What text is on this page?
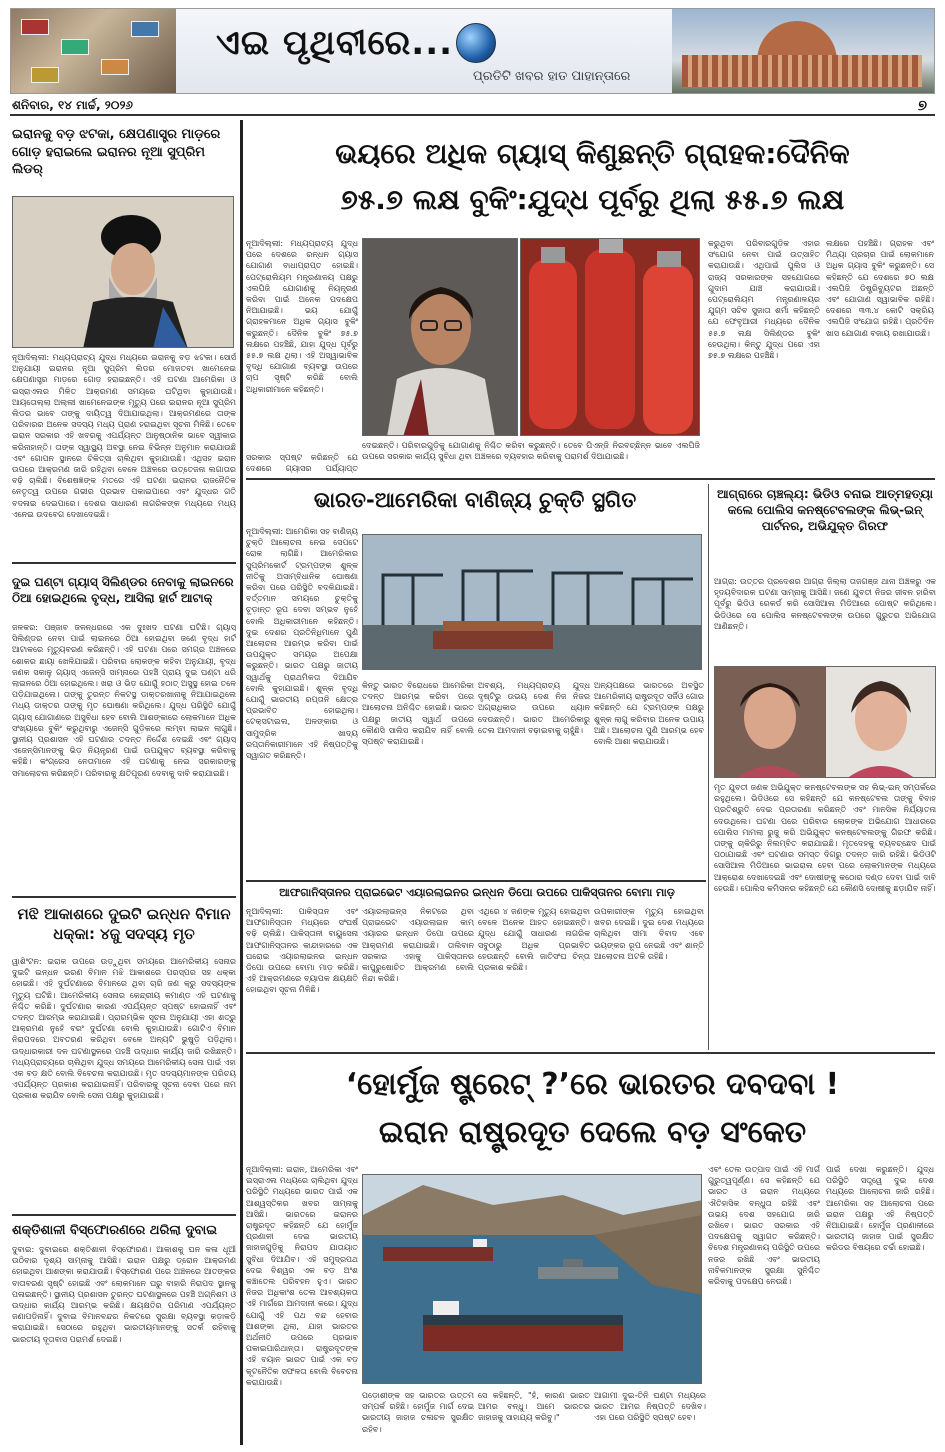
ଏଇ ପୃଥିବୀରେ...
ପ୍ରତିଟି ଖବର ହାତ ପାହାନ୍ତାରେ
ଶନିବାର, ୧୪ ମାର୍ଚ୍ଚ, ୨୦୨୬	୭
ଇରାନକୁ ବଡ଼ ଝଟକା, କ୍ଷେପଣାସ୍ତ୍ର ମାଡ଼ରେ ଗୋଡ଼ ହରାଇଲେ ଇରାନର ନୂଆ ସୁପ୍ରିମ ଲିଡର୍
ନୂଆଦିଲ୍ଲୀ: ମଧ୍ୟପ୍ରାଚ୍ୟ ଯୁଦ୍ଧ ମଧ୍ୟରେ ଇରାନକୁ ବଡ଼ ଝଟକା। ସୋର୍ସ ଅନୁଯାୟୀ ଇରାନର ନୂଆ ସୁପ୍ରିମ ଲିଡର ମୋଜତବା ଖାମେନେଇ କ୍ଷେପଣାସ୍ତ୍ର ମାଡ଼ରେ ଗୋଡ଼ ହରାଇଛନ୍ତି। ଏହି ଘଟଣା ଆମେରିକା ଓ ଇସ୍ରାଏଲର ମିଳିତ ଆକ୍ରମଣ ସମୟରେ ଘଟିଥିବା କୁହାଯାଉଛି। ଆୟତୋଲ୍ଲା ଅଲ୍ଲୀ ଖାମେନେଇଙ୍କ ମୃତ୍ୟୁ ପରେ ଇରାନର ନୂଆ ସୁପ୍ରିମ ଲିଡର ଭାବେ ତାଙ୍କୁ ଦାୟିତ୍ୱ ଦିଆଯାଇଥିଲା। ଆକ୍ରମଣରେ ତାଙ୍କ ପରିବାରର ଅନେକ ସଦସ୍ୟ ମଧ୍ୟ ପ୍ରାଣ ହରାଇଥିବା ସୂଚନା ମିଳିଛି। ତେବେ ଇରାନ ସରକାର ଏହି ଖବରକୁ ଏପର୍ଯ୍ୟନ୍ତ ଆନୁଷ୍ଠାନିକ ଭାବେ ସ୍ୱୀକାର କରିନାହାନ୍ତି। ତାଙ୍କ ସ୍ୱାସ୍ଥ୍ୟ ଅବସ୍ଥା ନେଇ ବିଭିନ୍ନ ଅନୁମାନ କରାଯାଉଛି ଏବଂ ଗୋପନ ସ୍ଥାନରେ ଚିକିତ୍ସା ଚାଲିଥିବା କୁହାଯାଉଛି। ଏଥିସହ ଇରାନ ଉପରେ ଆକ୍ରମଣ ଜାରି ରହିଥିବା ବେଳେ ଅଞ୍ଚଳରେ ଉତ୍ତେଜନା ଲଗାତାର ବଢ଼ି ଚାଲିଛି। ବିଶେଷଜ୍ଞଙ୍କ ମତରେ ଏହି ଘଟଣା ଇରାନର ରାଜନୈତିକ ନେତୃତ୍ୱ ଉପରେ ଗଭୀର ପ୍ରଭାବ ପକାଇପାରେ ଏବଂ ଯୁଦ୍ଧର ଗତି ବଦଳାଇ ଦେଇପାରେ। ଦେଶର ସାଧାରଣ ନାଗରିକଙ୍କ ମଧ୍ୟରେ ମଧ୍ୟ ଏନେଇ ଉଦବେଗ ଦେଖାଦେଇଛି।
ଦୁଇ ଘଣ୍ଟା ଗ୍ୟାସ୍ ସିଲିଣ୍ଡର ନେବାକୁ ଲାଇନରେ ଠିଆ ହୋଇଥିଲେ ବୃଦ୍ଧ, ଆସିଲା ହାର୍ଟ ଆଟାକ୍
ଜଳକର: ପଞ୍ଜାବ ଜଳନ୍ଧରରେ ଏକ ଦୁଃଖଦ ଘଟଣା ଘଟିଛି। ଗ୍ୟାସ୍ ସିଲିଣ୍ଡର ନେବା ପାଇଁ ଲାଇନରେ ଠିଆ ହୋଇଥିବା ଜଣେ ବୃଦ୍ଧ ହାର୍ଟ ଆଟାକରେ ମୃତ୍ୟୁବରଣ କରିଛନ୍ତି। ଏହି ଘଟଣା ପରେ ସମଗ୍ର ଅଞ୍ଚଳରେ ଶୋକର ଛାୟା ଖେଳିଯାଇଛି। ପରିବାର ଲୋକଙ୍କ କହିବା ଅନୁଯାୟୀ, ବୃଦ୍ଧ ଜଣକ ସକାଳୁ ଗ୍ୟାସ୍ ଏଜେନ୍ସି ସାମ୍ନାରେ ପହଞ୍ଚି ପ୍ରାୟ ଦୁଇ ଘଣ୍ଟା ଧରି ଲାଇନରେ ଠିଆ ହୋଇଥିଲେ। ଖରା ଓ ଭିଡ଼ ଯୋଗୁଁ ହଠାତ୍ ଅସୁସ୍ଥ ହୋଇ ତଳେ ପଡ଼ିଯାଇଥିଲେ। ତାଙ୍କୁ ତୁରନ୍ତ ନିକଟସ୍ଥ ଡାକ୍ତରଖାନାକୁ ନିଆଯାଇଥିଲେ ମଧ୍ୟ ଡାକ୍ତର ତାଙ୍କୁ ମୃତ ଘୋଷଣା କରିଥିଲେ। ଯୁଦ୍ଧ ପରିସ୍ଥିତି ଯୋଗୁଁ ଗ୍ୟାସ୍ ଯୋଗାଣରେ ଅସୁବିଧା ହେବ ବୋଲି ଆଶଙ୍କାରେ ଲୋକମାନେ ଅଧିକ ସଂଖ୍ୟାରେ ବୁକିଂ କରୁଥିବାରୁ ଏଜେନ୍ସି ଗୁଡ଼ିକରେ ଲମ୍ବା ଲାଇନ ଲାଗୁଛି। ସ୍ଥାନୀୟ ପ୍ରଶାସନ ଏହି ଘଟଣାର ତଦନ୍ତ ନିର୍ଦ୍ଦେଶ ଦେଇଛି ଏବଂ ଗ୍ୟାସ୍ ଏଜେନ୍ସିମାନଙ୍କୁ ଭିଡ଼ ନିୟନ୍ତ୍ରଣ ପାଇଁ ଉପଯୁକ୍ତ ବ୍ୟବସ୍ଥା କରିବାକୁ କହିଛି। କଂଗ୍ରେସ ନେତାମାନେ ଏହି ଘଟଣାକୁ ନେଇ ସରକାରଙ୍କୁ ସମାଲୋଚନା କରିଛନ୍ତି। ପରିବାରକୁ କ୍ଷତିପୂରଣ ଦେବାକୁ ଦାବି କରାଯାଇଛି।
ମଝି ଆକାଶରେ ଦୁଇଟି ଇନ୍ଧନ ବିମାନ ଧକ୍କା: ୪ଜୁ ସଦସ୍ୟ ମୃତ
ୱାଶିଂଟନ: ଇରାକ ଉପରେ ଉଡ଼ୁଥିବା ସମୟରେ ଆମେରିକୀୟ ସେନାର ଦୁଇଟି ଇନ୍ଧନ ଭରଣ ବିମାନ ମଝି ଆକାଶରେ ପରସ୍ପର ସହ ଧକ୍କା ହୋଇଛି। ଏହି ଦୁର୍ଘଟଣାରେ ବିମାନରେ ଥିବା ଚାରି ଜଣ କ୍ରୁ ସଦସ୍ୟଙ୍କ ମୃତ୍ୟୁ ଘଟିଛି। ଆମେରିକୀୟ ସେନାର କେନ୍ଦ୍ରୀୟ କମାଣ୍ଡ ଏହି ଘଟଣାକୁ ନିଶ୍ଚିତ କରିଛି। ଦୁର୍ଘଟଣାର କାରଣ ଏପର୍ଯ୍ୟନ୍ତ ସ୍ପଷ୍ଟ ହୋଇନାହିଁ ଏବଂ ତଦନ୍ତ ଆରମ୍ଭ କରାଯାଇଛି। ପ୍ରାରମ୍ଭିକ ସୂଚନା ଅନୁଯାୟୀ ଏହା ଶତ୍ରୁ ଆକ୍ରମଣ ନୁହେଁ ବରଂ ଦୁର୍ଘଟଣା ବୋଲି କୁହାଯାଉଛି। ଗୋଟିଏ ବିମାନ ନିରାପଦରେ ଅବତରଣ କରିଥିବା ବେଳେ ଅନ୍ୟଟି ଭୁଷୁଡ଼ି ପଡ଼ିଥିଲା। ଉଦ୍ଧାରକାରୀ ଦଳ ଘଟଣାସ୍ଥଳରେ ପହଞ୍ଚି ଉଦ୍ଧାର କାର୍ଯ୍ୟ ଜାରି ରଖିଛନ୍ତି। ମଧ୍ୟପ୍ରାଚ୍ୟରେ ଚାଲିଥିବା ଯୁଦ୍ଧ ସମୟରେ ଆମେରିକୀୟ ସେନା ପାଇଁ ଏହା ଏକ ବଡ଼ କ୍ଷତି ବୋଲି ବିବେଚନା କରାଯାଉଛି। ମୃତ ସଦସ୍ୟମାନଙ୍କ ପରିଚୟ ଏପର୍ଯ୍ୟନ୍ତ ପ୍ରକାଶ କରାଯାଇନାହିଁ। ପରିବାରକୁ ସୂଚନା ଦେବା ପରେ ନାମ ପ୍ରକାଶ କରାଯିବ ବୋଲି ସେନା ପକ୍ଷରୁ କୁହାଯାଇଛି।
ଶକ୍ତିଶାଳୀ ବିସ୍ଫୋରଣରେ ଥରିଲା ଦୁବାଇ
ଦୁବାଇ: ଦୁବାଇରେ ଶକ୍ତିଶାଳୀ ବିସ୍ଫୋରଣ। ଆକାଶକୁ ଘନ କଳା ଧୂଆଁ ଉଠିବାର ଦୃଶ୍ୟ ସାମ୍ନାକୁ ଆସିଛି। ଇରାନ ପକ୍ଷରୁ ଡ୍ରୋନ ଆକ୍ରମଣ ହୋଇଥିବା ଆଶଙ୍କା କରାଯାଉଛି। ବିସ୍ଫୋରଣ ପରେ ଅଞ୍ଚଳରେ ଆତଙ୍କର ବାତାବରଣ ସୃଷ୍ଟି ହୋଇଛି ଏବଂ ଲୋକମାନେ ଘରୁ ବାହାରି ନିରାପଦ ସ୍ଥାନକୁ ପଳାଇଛନ୍ତି। ସ୍ଥାନୀୟ ପ୍ରଶାସନ ତୁରନ୍ତ ଘଟଣାସ୍ଥଳରେ ପହଞ୍ଚି ଅଗ୍ନିଶମ ଓ ଉଦ୍ଧାର କାର୍ଯ୍ୟ ଆରମ୍ଭ କରିଛି। କ୍ଷୟକ୍ଷତିର ପରିମାଣ ଏପର୍ଯ୍ୟନ୍ତ ଜଣାପଡ଼ିନାହିଁ। ଦୁବାଇ ବିମାନବନ୍ଦର ନିକଟରେ ସୁରକ୍ଷା ବ୍ୟବସ୍ଥା କଡ଼ାକଡ଼ି କରାଯାଇଛି। ସେଠାରେ ରହୁଥିବା ଭାରତୀୟମାନଙ୍କୁ ସତର୍କ ରହିବାକୁ ଭାରତୀୟ ଦୂତାବାସ ପରାମର୍ଶ ଦେଇଛି।
ଭୟରେ ଅଧିକ ଗ୍ୟାସ୍ କିଣୁଛନ୍ତି ଗ୍ରାହକ:ଦୈନିକ
୭୫.୭ ଲକ୍ଷ ବୁକିଂ:ଯୁଦ୍ଧ ପୂର୍ବରୁ ଥିଲା ୫୫.୭ ଲକ୍ଷ
ନୂଆଦିଲ୍ଲୀ: ମଧ୍ୟପ୍ରାଚ୍ୟ ଯୁଦ୍ଧ ପରେ ଦେଶରେ ରନ୍ଧନ ଗ୍ୟାସ ଯୋଗାଣ ବାଧାପ୍ରାପ୍ତ ହୋଇଛି। ପେଟ୍ରୋଲିୟମ ମନ୍ତ୍ରଣାଳୟ ପକ୍ଷରୁ ଏଲପିଜି ଯୋଗାଣକୁ ନିୟନ୍ତ୍ରଣ କରିବା ପାଇଁ ଅନେକ ପଦକ୍ଷେପ ନିଆଯାଇଛି। ଭୟ ଯୋଗୁଁ ଗ୍ରାହକମାନେ ଅଧିକ ଗ୍ୟାସ ବୁକିଂ କରୁଛନ୍ତି। ଦୈନିକ ବୁକିଂ ୭୫.୭ ଲକ୍ଷରେ ପହଞ୍ଚିଛି, ଯାହା ଯୁଦ୍ଧ ପୂର୍ବରୁ ୫୫.୭ ଲକ୍ଷ ଥିଲା। ଏହି ଅସ୍ୱାଭାବିକ ବୃଦ୍ଧି ଯୋଗାଣ ବ୍ୟବସ୍ଥା ଉପରେ ଚାପ ସୃଷ୍ଟି କରିଛି ବୋଲି ଅଧିକାରୀମାନେ କହିଛନ୍ତି।
ଦେଇଛନ୍ତି। ପରିବାରଗୁଡ଼ିକୁ ଯୋଗାଣକୁ ନିଶ୍ଚିତ କରିବା କରୁଛନ୍ତି। ତେବେ ପିଏନ୍‌ଜି ନିରବଚ୍ଛିନ୍ନ ଭାବେ ଏଲପିଜି ଉପରେ ସରକାର କାର୍ଯ୍ୟ ସୁବିଧା ଥିବା ଅଞ୍ଚଳରେ ବ୍ୟବହାର କରିବାକୁ ପରାମର୍ଶ ଦିଆଯାଇଛି।
କରୁଥିବା ପରିବାରଗୁଡ଼ିକ ଏହାର ସଂଯୋଗ ନେବା ପାଇଁ ଉତ୍ସାହିତ କରାଯାଉଛି। ଏଥିପାଇଁ ପୁଲିସ ଓ ରାଜ୍ୟ ସରକାରଙ୍କ ସହଯୋଗରେ ଗୁଦାମ ଯାଞ୍ଚ କରାଯାଉଛି। ପେଟ୍ରୋଲିୟମ ମନ୍ତ୍ରଣାଳୟର ଯୁଗ୍ମ ସଚିବ ସୁଜାତା ଶର୍ମା କହିଛନ୍ତି ଯେ ଫେବୃଆରୀ ମଧ୍ୟରେ ଦୈନିକ ୫୫.୭ ଲକ୍ଷ ସିଲିଣ୍ଡର ବୁକିଂ ହେଉଥିଲା। କିନ୍ତୁ ଯୁଦ୍ଧ ପରେ ଏହା ୭୫.୭ ଲକ୍ଷରେ ପହଞ୍ଚିଛି।
ଲକ୍ଷରେ ପହଞ୍ଚିଛି। ଗ୍ରାହକ ଏବଂ ମିଥ୍ୟା ପ୍ରଚାର ପାଇଁ ଲୋକମାନେ ଅଧିକ ଗ୍ୟାସ ବୁକିଂ କରୁଛନ୍ତି। ସେ କହିଛନ୍ତି ଯେ ଦେଶରେ ୭୦ ଲକ୍ଷ ଏଲପିଜି ଡିଷ୍ଟ୍ରିବ୍ୟୁଟର ଅଛନ୍ତି ଏବଂ ଯୋଗାଣ ସ୍ୱାଭାବିକ ରହିଛି। ଦେଶରେ ୩୩.୪ କୋଟି ସକ୍ରିୟ ଏଲପିଜି ସଂଯୋଗ ରହିଛି। ପ୍ରତିଦିନ ଖାସ ଯୋଗାଣ ବଜାୟ ରଖାଯାଉଛି।
ସରକାର ସ୍ପଷ୍ଟ କରିଛନ୍ତି ଯେ ଦେଶରେ ଗ୍ୟାସର ପର୍ଯ୍ୟାପ୍ତ
ଭାରତ-ଆମେରିକା ବାଣିଜ୍ୟ ଚୁକ୍ତି ସ୍ଥଗିତ
ନୂଆଦିଲ୍ଲୀ: ଆମେରିକା ସହ ବାଣିଜ୍ୟ ଚୁକ୍ତି ଆଲୋଚନା ନେଇ ସେପଟେ ରୋକ ଲାଗିଛି। ଆମେରିକାର ସୁପ୍ରିମକୋର୍ଟ ଟ୍ରମ୍ପଙ୍କ ଶୁଳ୍କ ନୀତିକୁ ଅସାମ୍ବିଧାନିକ ଘୋଷଣା କରିବା ପରେ ପରିସ୍ଥିତି ବଦଳିଯାଇଛି। ବର୍ତ୍ତମାନ ସମୟରେ ଚୁକ୍ତିକୁ ଚୂଡ଼ାନ୍ତ ରୂପ ଦେବା ସମ୍ଭବ ନୁହେଁ ବୋଲି ଅଧିକାରୀମାନେ କହିଛନ୍ତି। ଦୁଇ ଦେଶର ପ୍ରତିନିଧିମାନେ ପୁଣି ଆଲୋଚନା ଆରମ୍ଭ କରିବା ପାଇଁ ଉପଯୁକ୍ତ ସମୟର ଅପେକ୍ଷା କରୁଛନ୍ତି। ଭାରତ ପକ୍ଷରୁ ଜାତୀୟ ସ୍ୱାର୍ଥକୁ ପ୍ରାଥମିକତା ଦିଆଯିବ ବୋଲି କୁହାଯାଇଛି। ଶୁଳ୍କ ବୃଦ୍ଧି ଯୋଗୁଁ ଭାରତୀୟ ରପ୍ତାନି କ୍ଷେତ୍ର ପ୍ରଭାବିତ ହୋଇଥିଲା। ଟେକ୍ସଟାଇଲ, ଅଳଙ୍କାର ଓ ସାମୁଦ୍ରିକ ଖାଦ୍ୟ ରପ୍ତାନିକାରୀମାନେ ଏହି ନିଷ୍ପତ୍ତିକୁ ସ୍ୱାଗତ କରିଛନ୍ତି।
କିନ୍ତୁ ଭାରତ ବିରୋଧରେ ଆମେରିକା ତଦନ୍ତ ଆରମ୍ଭ କରିବା ପରେ ଆଲୋଚନା ଅନିଶ୍ଚିତ ହୋଇଛି। ଭାରତ ପକ୍ଷରୁ ଜାତୀୟ ସ୍ୱାର୍ଥ ଉପରେ କୌଣସି ସାଲିସ କରାଯିବ ନାହିଁ ବୋଲି ସ୍ପଷ୍ଟ କରାଯାଇଛି।
ଅବଶ୍ୟ, ମଧ୍ୟପ୍ରାଚ୍ୟ ଯୁଦ୍ଧ ଦୃଷ୍ଟିରୁ ଉଭୟ ଦେଶ ନିଜ ନିଜର ଅଗ୍ରାଧିକାର ଉପରେ ଧ୍ୟାନ ଦେଉଛନ୍ତି। ଭାରତ ଆମେରିକାରୁ ତେଲ ଆମଦାନୀ ବଢ଼ାଇବାକୁ ଚାହୁଁଛି।
ଅନ୍ୟପକ୍ଷରେ ଭାରତରେ ଅବସ୍ଥିତ ଆମେରିକୀୟ ରାଷ୍ଟ୍ରଦୂତ ସର୍ଜିଓ ଗୋର କହିଛନ୍ତି ଯେ ଟ୍ରମ୍ପଙ୍କ ପକ୍ଷରୁ ଶୁଳ୍କ ଲାଗୁ କରିବାର ଅନେକ ଉପାୟ ଅଛି। ଆଲୋଚନା ପୁଣି ଆରମ୍ଭ ହେବ ବୋଲି ଆଶା କରାଯାଉଛି।
ଆଗ୍ରାରେ ଚାଞ୍ଚଲ୍ୟ: ଭିଡିଓ ବନାଇ ଆତ୍ମହତ୍ୟା କଲେ ପୋଲିସ କନଷ୍ଟେବଲଙ୍କ ଲିଭ୍-ଇନ୍ ପାର୍ଟନର, ଅଭିଯୁକ୍ତ ଗିରଫ
ଆଗ୍ରା: ଉତ୍ତର ପ୍ରଦେଶର ଆଗ୍ରା ଜିଲ୍ଲା ତାଜଗଞ୍ଜ ଥାନା ଅଞ୍ଚଳରୁ ଏକ ହୃଦୟବିଦାରକ ଘଟଣା ସାମ୍ନାକୁ ଆସିଛି। ଜଣେ ଯୁବତୀ ନିଜର ଜୀବନ ହାରିବା ପୂର୍ବରୁ ଭିଡିଓ ରେକର୍ଡ କରି ସୋସିଆଲ ମିଡିଆରେ ପୋଷ୍ଟ କରିଥିଲେ। ଭିଡିଓରେ ସେ ପୋଲିସ କନଷ୍ଟେବଲଙ୍କ ଉପରେ ଗୁରୁତର ଅଭିଯୋଗ ଆଣିଛନ୍ତି।
ମୃତ ଯୁବତୀ ଜଣକ ଅଭିଯୁକ୍ତ କନଷ୍ଟେବଲଙ୍କ ସହ ଲିଭ୍-ଇନ୍ ସମ୍ପର୍କରେ ରହୁଥିଲେ। ଭିଡିଓରେ ସେ କହିଛନ୍ତି ଯେ କନଷ୍ଟେବଲ ତାଙ୍କୁ ବିବାହ ପ୍ରତିଶ୍ରୁତି ଦେଇ ପ୍ରତାରଣା କରିଛନ୍ତି ଏବଂ ମାନସିକ ନିର୍ଯ୍ୟାତନା ଦେଉଥିଲେ। ଘଟଣା ପରେ ପରିବାର ଲୋକଙ୍କ ଅଭିଯୋଗ ଆଧାରରେ ପୋଲିସ ମାମଲା ରୁଜୁ କରି ଅଭିଯୁକ୍ତ କନଷ୍ଟେବଲଙ୍କୁ ଗିରଫ କରିଛି। ତାଙ୍କୁ ଚାକିରିରୁ ନିଲମ୍ବିତ କରାଯାଇଛି। ମୃତଦେହକୁ ବ୍ୟବଚ୍ଛେଦ ପାଇଁ ପଠାଯାଇଛି ଏବଂ ଘଟଣାର ସମସ୍ତ ଦିଗରୁ ତଦନ୍ତ ଜାରି ରହିଛି। ଭିଡିଓଟି ସୋସିଆଲ ମିଡିଆରେ ଭାଇରାଲ ହେବା ପରେ ଲୋକମାନଙ୍କ ମଧ୍ୟରେ ଆକ୍ରୋଶ ଦେଖାଦେଇଛି ଏବଂ ଦୋଷୀଙ୍କୁ କଠୋର ଦଣ୍ଡ ଦେବା ପାଇଁ ଦାବି ହେଉଛି। ପୋଲିସ କମିସନର କହିଛନ୍ତି ଯେ କୌଣସି ଦୋଷୀକୁ ଛଡ଼ାଯିବ ନାହିଁ।
ଆଫଗାନିସ୍ତାନର ପ୍ରାଇଭେଟ ଏୟାରଲାଇନର ଇନ୍ଧନ ଡିପୋ ଉପରେ ପାକିସ୍ତାନର ବୋମା ମାଡ଼
ନୂଆଦିଲ୍ଲୀ: ପାକିସ୍ତାନ ଏବଂ ଆଫଗାନିସ୍ତାନ ମଧ୍ୟରେ ସଂଘର୍ଷ ବଢ଼ି ଚାଲିଛି। ପାକିସ୍ତାନୀ ବାୟୁସେନା ଆଫଗାନିସ୍ତାନର କାନ୍ଦାହାରରେ ଏକ ଘରୋଇ ଏୟାରଲାଇନର ଇନ୍ଧନ ଡିପୋ ଉପରେ ବୋମା ମାଡ଼ କରିଛି। ଏହି ଆକ୍ରମଣରେ ବ୍ୟାପକ କ୍ଷୟକ୍ଷତି ହୋଇଥିବା ସୂଚନା ମିଳିଛି।
ଏୟାରଲାଇନ୍ସ ନିକଟରେ ଥିବା ପ୍ରାଇଭେଟ ଏୟାରଲାଇନ କାମ୍ ଏୟାରର ଇନ୍ଧନ ଡିପୋ ଉପରେ ଆକ୍ରମଣ କରାଯାଇଛି। ତାଲିବାନ ସରକାର ଏହାକୁ ପାକିସ୍ତାନର କାପୁରୁଷୋଚିତ ଆକ୍ରମଣ ବୋଲି ନିନ୍ଦା କରିଛି।
ଏଥିରେ ୪ ଜଣଙ୍କ ମୃତ୍ୟୁ ହୋଇଥିବା ବେଳେ ଅନେକ ଆହତ ହୋଇଛନ୍ତି। ଯୁଦ୍ଧ ଯୋଗୁଁ ସାଧାରଣ ନାଗରିକ ସବୁଠାରୁ ଅଧିକ ପ୍ରଭାବିତ ହେଉଛନ୍ତି ବୋଲି ଜାତିସଂଘ ଚିନ୍ତା ପ୍ରକାଶ କରିଛି।
ଉପକାରୀଙ୍କ ମୃତ୍ୟୁ ହୋଇଥିବା ଖବର ଦେଇଛି। ଦୁଇ ଦେଶ ମଧ୍ୟରେ ଚାଲିଥିବା ସୀମା ବିବାଦ ଏବେ ଭୟଙ୍କର ରୂପ ନେଇଛି ଏବଂ ଶାନ୍ତି ଆଲୋଚନା ଅଟକି ରହିଛି।
‘ହୋର୍ମୁଜ ଷ୍ଟ୍ରେଟ୍ ?’ରେ ଭାରତର ଦବଦବା !
ଇରାନ ରାଷ୍ଟ୍ରଦୂତ ଦେଲେ ବଡ଼ ସଂକେତ
ନୂଆଦିଲ୍ଲୀ: ଇରାନ, ଆମେରିକା ଏବଂ ଇସ୍ରାଏଲ ମଧ୍ୟରେ ଚାଲିଥିବା ଯୁଦ୍ଧ ପରିସ୍ଥିତି ମଧ୍ୟରେ ଭାରତ ପାଇଁ ଏକ ଆଶ୍ୱସ୍ତିକର ଖବର ସାମ୍ନାକୁ ଆସିଛି। ଭାରତରେ ଇରାନର ରାଷ୍ଟ୍ରଦୂତ କହିଛନ୍ତି ଯେ ହୋର୍ମୁଜ ପ୍ରଣାଳୀ ଦେଇ ଭାରତୀୟ ଜାହାଜଗୁଡ଼ିକୁ ନିରାପଦ ଯାତାୟାତ ସୁବିଧା ଦିଆଯିବ। ଏହି ସମୁଦ୍ରପଥ ଦେଇ ବିଶ୍ୱର ଏକ ବଡ଼ ଅଂଶ କଞ୍ଚାତେଲ ପରିବହନ ହୁଏ। ଭାରତ ନିଜର ଅଧିକାଂଶ ତେଲ ଆବଶ୍ୟକତା ଏହି ମାର୍ଗରେ ଆମଦାନୀ କରେ। ଯୁଦ୍ଧ ଯୋଗୁଁ ଏହି ପଥ ବନ୍ଦ ହେବାର ଆଶଙ୍କା ଥିଲା, ଯାହା ଭାରତର ଅର୍ଥନୀତି ଉପରେ ପ୍ରଭାବ ପକାଇପାରିଥାନ୍ତା। ରାଷ୍ଟ୍ରଦୂତଙ୍କ ଏହି ବୟାନ ଭାରତ ପାଇଁ ଏକ ବଡ଼ କୂଟନୈତିକ ସଫଳତା ବୋଲି ବିବେଚନା କରାଯାଉଛି।
ପଡ଼ୋଶୀଙ୍କ ସହ ଭାରତର ଉତ୍ତମ ସମ୍ପର୍କ ରହିଛି। ହୋର୍ମୁଜ ମାର୍ଗ ଦେଇ ଭାରତୀୟ ଜାହାଜ ଚଳାଚଳ ସୁରକ୍ଷିତ ରହିବ।
ସେ କହିଛନ୍ତି, "ହଁ, କାରଣ ଭାରତ ଆମର ବନ୍ଧୁ। ଆମେ ଭାରତର ଜାହାଜକୁ ସାହାଯ୍ୟ କରିବୁ।"
ଆଗାମୀ ଦୁଇ-ତିନି ଘଣ୍ଟା ମଧ୍ୟରେ ଭାରତ ଆମର ନିଷ୍ପତ୍ତି ଦେଖିବ। ଏହା ପରେ ପରିସ୍ଥିତି ସ୍ପଷ୍ଟ ହେବ।
ଏବଂ ତେଲ ଉତ୍ପାଦ ପାଇଁ ଏହି ମାର୍ଗ ଗୁରୁତ୍ୱପୂର୍ଣ୍ଣ। ସେ କହିଛନ୍ତି ଯେ ଭାରତ ଓ ଇରାନ ମଧ୍ୟରେ ଐତିହାସିକ ବନ୍ଧୁତା ରହିଛି ଏବଂ ଉଭୟ ଦେଶ ସହଯୋଗ ଜାରି ରଖିବେ। ଭାରତ ସରକାର ଏହି ପଦକ୍ଷେପକୁ ସ୍ୱାଗତ କରିଛନ୍ତି। ବିଦେଶ ମନ୍ତ୍ରଣାଳୟ ପରିସ୍ଥିତି ଉପରେ ନଜର ରଖିଛି ଏବଂ ଭାରତୀୟ ନାବିକମାନଙ୍କ ସୁରକ୍ଷା ସୁନିଶ୍ଚିତ କରିବାକୁ ପଦକ୍ଷେପ ନେଉଛି।
ପାଇଁ ଦେଖା କରୁଛନ୍ତି। ଯୁଦ୍ଧ ପରିସ୍ଥିତି ସତ୍ତ୍ୱେ ଦୁଇ ଦେଶ ମଧ୍ୟରେ ଆଲୋଚନା ଜାରି ରହିଛି। ଆମେରିକା ସହ ଆଲୋଚନା ପରେ ଇରାନ ପକ୍ଷରୁ ଏହି ନିଷ୍ପତ୍ତି ନିଆଯାଇଛି। ହୋର୍ମୁଜ ପ୍ରଣାଳୀରେ ଭାରତୀୟ ଜାହାଜ ପାଇଁ ସୁରକ୍ଷିତ କରିଡର ବିଷୟରେ ଚର୍ଚ୍ଚା ହୋଇଛି।
